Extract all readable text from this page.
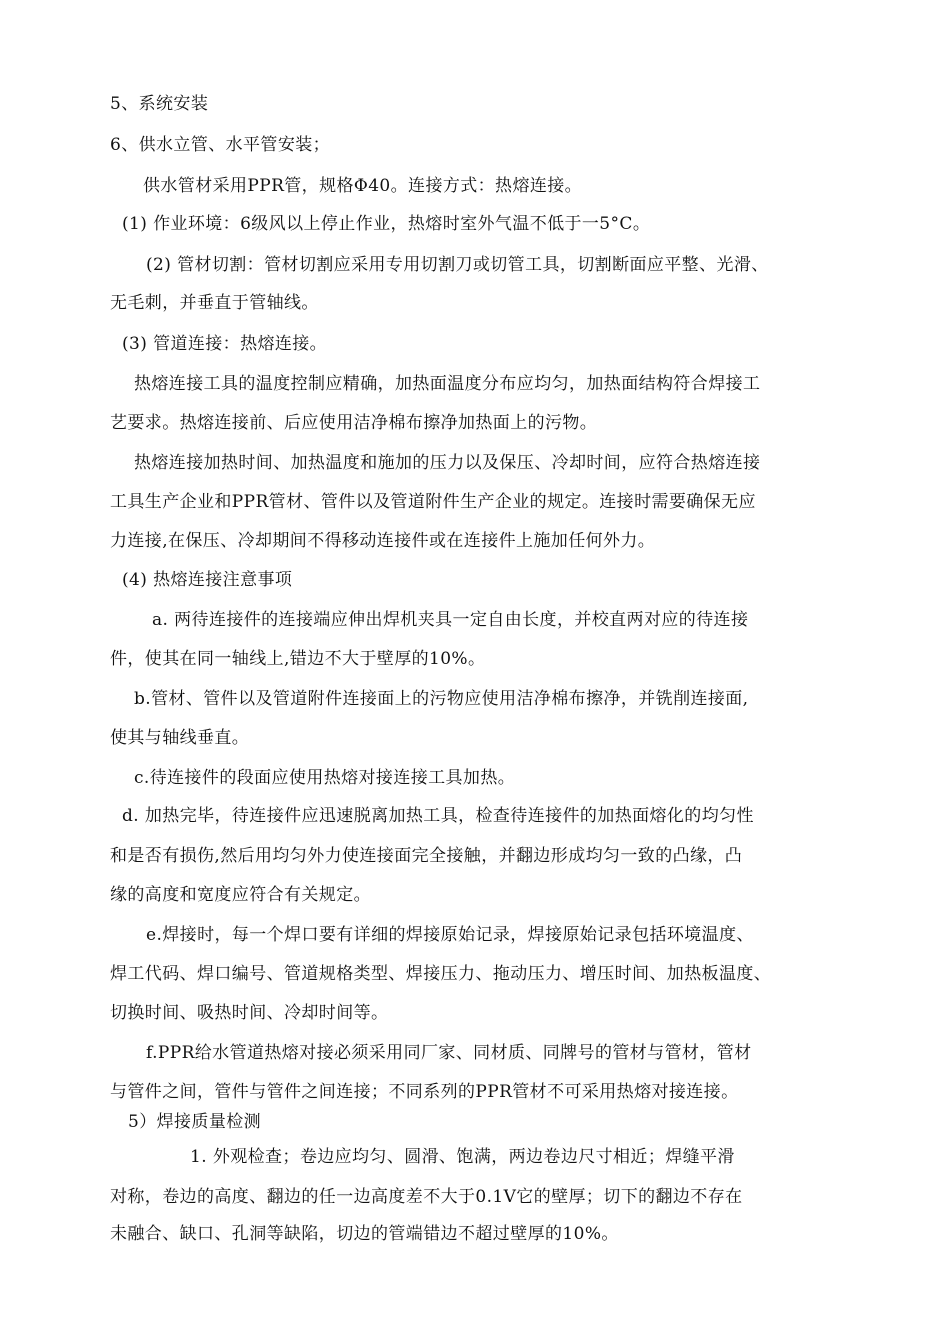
5、系统安装
6、供水立管、水平管安装；
供水管材采用PPR管，规格Φ40。连接方式：热熔连接。
(1) 作业环境：6级风以上停止作业，热熔时室外气温不低于一5°C。
(2) 管材切割：管材切割应采用专用切割刀或切管工具，切割断面应平整、光滑、
无毛刺，并垂直于管轴线。
(3) 管道连接：热熔连接。
热熔连接工具的温度控制应精确，加热面温度分布应均匀，加热面结构符合焊接工
艺要求。热熔连接前、后应使用洁净棉布擦净加热面上的污物。
热熔连接加热时间、加热温度和施加的压力以及保压、冷却时间，应符合热熔连接
工具生产企业和PPR管材、管件以及管道附件生产企业的规定。连接时需要确保无应
力连接,在保压、冷却期间不得移动连接件或在连接件上施加任何外力。
(4) 热熔连接注意事项
a. 两待连接件的连接端应伸出焊机夹具一定自由长度，并校直两对应的待连接
件，使其在同一轴线上,错边不大于壁厚的10%。
b.管材、管件以及管道附件连接面上的污物应使用洁净棉布擦净，并铣削连接面,
使其与轴线垂直。
c.待连接件的段面应使用热熔对接连接工具加热。
d. 加热完毕，待连接件应迅速脱离加热工具，检查待连接件的加热面熔化的均匀性
和是否有损伤,然后用均匀外力使连接面完全接触，并翻边形成均匀一致的凸缘，凸
缘的高度和宽度应符合有关规定。
e.焊接时，每一个焊口要有详细的焊接原始记录，焊接原始记录包括环境温度、
焊工代码、焊口编号、管道规格类型、焊接压力、拖动压力、增压时间、加热板温度、
切换时间、吸热时间、冷却时间等。
f.PPR给水管道热熔对接必须采用同厂家、同材质、同牌号的管材与管材，管材
与管件之间，管件与管件之间连接；不同系列的PPR管材不可采用热熔对接连接。
5）焊接质量检测
1. 外观检查；卷边应均匀、圆滑、饱满，两边卷边尺寸相近；焊缝平滑
对称，卷边的高度、翻边的任一边高度差不大于0.1V它的壁厚；切下的翻边不存在
未融合、缺口、孔洞等缺陷，切边的管端错边不超过壁厚的10%。
